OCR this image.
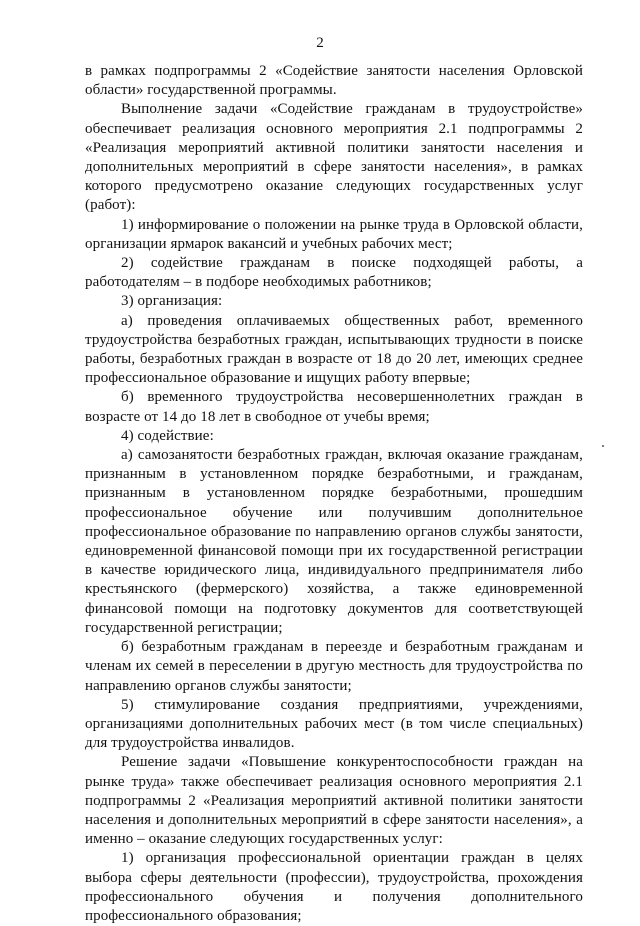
2

в рамках подпрограммы 2 «Содействие занятости населения Орловской области» государственной программы.

Выполнение задачи «Содействие гражданам в трудоустройстве» обеспечивает реализация основного мероприятия 2.1 подпрограммы 2 «Реализация мероприятий активной политики занятости населения и дополнительных мероприятий в сфере занятости населения», в рамках которого предусмотрено оказание следующих государственных услуг (работ):

1) информирование о положении на рынке труда в Орловской области, организации ярмарок вакансий и учебных рабочих мест;

2) содействие гражданам в поиске подходящей работы, а работодателям – в подборе необходимых работников;

3) организация:

а) проведения оплачиваемых общественных работ, временного трудоустройства безработных граждан, испытывающих трудности в поиске работы, безработных граждан в возрасте от 18 до 20 лет, имеющих среднее профессиональное образование и ищущих работу впервые;

б) временного трудоустройства несовершеннолетних граждан в возрасте от 14 до 18 лет в свободное от учебы время;

4) содействие:

а) самозанятости безработных граждан, включая оказание гражданам, признанным в установленном порядке безработными, и гражданам, признанным в установленном порядке безработными, прошедшим профессиональное обучение или получившим дополнительное профессиональное образование по направлению органов службы занятости, единовременной финансовой помощи при их государственной регистрации в качестве юридического лица, индивидуального предпринимателя либо крестьянского (фермерского) хозяйства, а также единовременной финансовой помощи на подготовку документов для соответствующей государственной регистрации;

б) безработным гражданам в переезде и безработным гражданам и членам их семей в переселении в другую местность для трудоустройства по направлению органов службы занятости;

5) стимулирование создания предприятиями, учреждениями, организациями дополнительных рабочих мест (в том числе специальных) для трудоустройства инвалидов.

Решение задачи «Повышение конкурентоспособности граждан на рынке труда» также обеспечивает реализация основного мероприятия 2.1 подпрограммы 2 «Реализация мероприятий активной политики занятости населения и дополнительных мероприятий в сфере занятости населения», а именно – оказание следующих государственных услуг:

1) организация профессиональной ориентации граждан в целях выбора сферы деятельности (профессии), трудоустройства, прохождения профессионального обучения и получения дополнительного профессионального образования;
